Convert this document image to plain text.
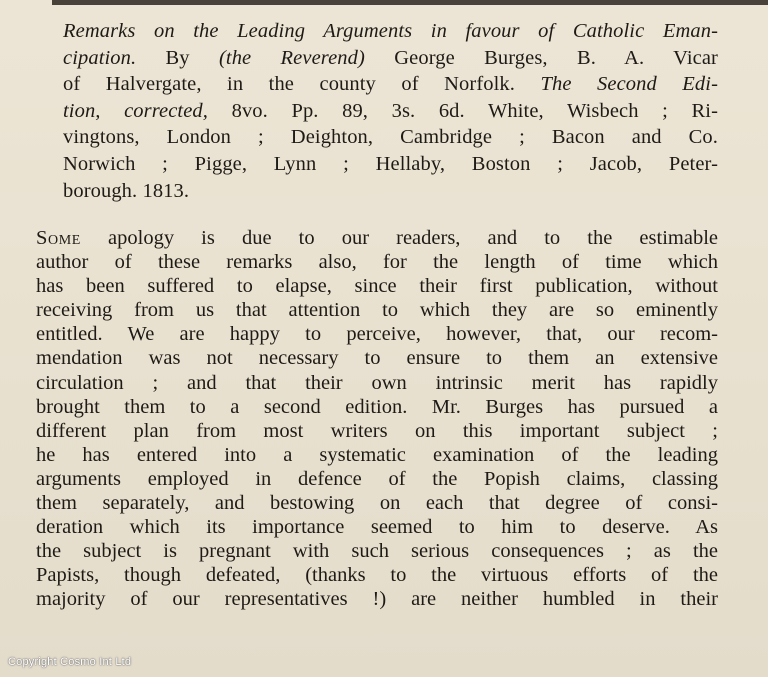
Remarks on the Leading Arguments in favour of Catholic Eman-
cipation. By (the Reverend) George Burges, B. A. Vicar
of Halvergate, in the county of Norfolk. The Second Edi-
tion, corrected, 8vo. Pp. 89, 3s. 6d. White, Wisbech ; Ri-
vingtons, London ; Deighton, Cambridge ; Bacon and Co.
Norwich ; Pigge, Lynn ; Hellaby, Boston ; Jacob, Peter-
borough. 1813.
Some apology is due to our readers, and to the estimable
author of these remarks also, for the length of time which
has been suffered to elapse, since their first publication, without
receiving from us that attention to which they are so eminently
entitled. We are happy to perceive, however, that, our recom-
mendation was not necessary to ensure to them an extensive
circulation ; and that their own intrinsic merit has rapidly
brought them to a second edition. Mr. Burges has pursued a
different plan from most writers on this important subject ;
he has entered into a systematic examination of the leading
arguments employed in defence of the Popish claims, classing
them separately, and bestowing on each that degree of consi-
deration which its importance seemed to him to deserve. As
the subject is pregnant with such serious consequences ; as the
Papists, though defeated, (thanks to the virtuous efforts of the
majority of our representatives !) are neither humbled in their
Copyright Cosmo Int Ltd
